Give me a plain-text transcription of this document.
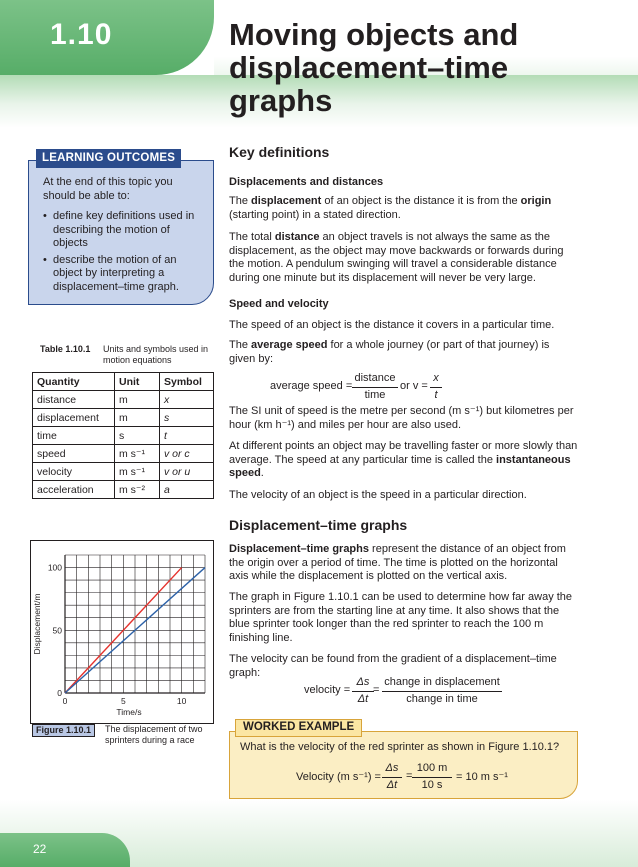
1.10	Moving objects and
displacement–time
graphs
LEARNING OUTCOMES
At the end of this topic you should be able to:
• define key definitions used in describing the motion of objects
• describe the motion of an object by interpreting a displacement–time graph.
Table 1.10.1 Units and symbols used in motion equations
Quantity	Unit	Symbol
distance	m	x
displacement	m	s
time	s	t
speed	m s⁻¹	v or c
velocity	m s⁻¹	v or u
acceleration	m s⁻²	a
0	5	10
0
50
100
Time/s
Displacement/m
Figure 1.10.1	The displacement of two sprinters during a race
Key definitions
Displacements and distances
The displacement of an object is the distance it is from the origin (starting point) in a stated direction.
The total distance an object travels is not always the same as the displacement, as the object may move backwards or forwards during the motion. A pendulum swinging will travel a considerable distance during one minute but its displacement will never be very large.
Speed and velocity
The speed of an object is the distance it covers in a particular time.
The average speed for a whole journey (or part of that journey) is given by:
average speed =
distance
time
or v =
x
t
The SI unit of speed is the metre per second (m s⁻¹) but kilometres per hour (km h⁻¹) and miles per hour are also used.
At different points an object may be travelling faster or more slowly than average. The speed at any particular time is called the instantaneous speed.
The velocity of an object is the speed in a particular direction.
Displacement–time graphs
Displacement–time graphs represent the distance of an object from the origin over a period of time. The time is plotted on the horizontal axis while the displacement is plotted on the vertical axis.
The graph in Figure 1.10.1 can be used to determine how far away the sprinters are from the starting line at any time. It also shows that the blue sprinter took longer than the red sprinter to reach the 100 m finishing line.
The velocity can be found from the gradient of a displacement–time graph:
velocity =
Δs
Δt
=
change in displacement
change in time
WORKED EXAMPLE
What is the velocity of the red sprinter as shown in Figure 1.10.1?
Velocity (m s⁻¹) =
Δs
Δt
=
100 m
10 s
= 10 m s⁻¹
22
